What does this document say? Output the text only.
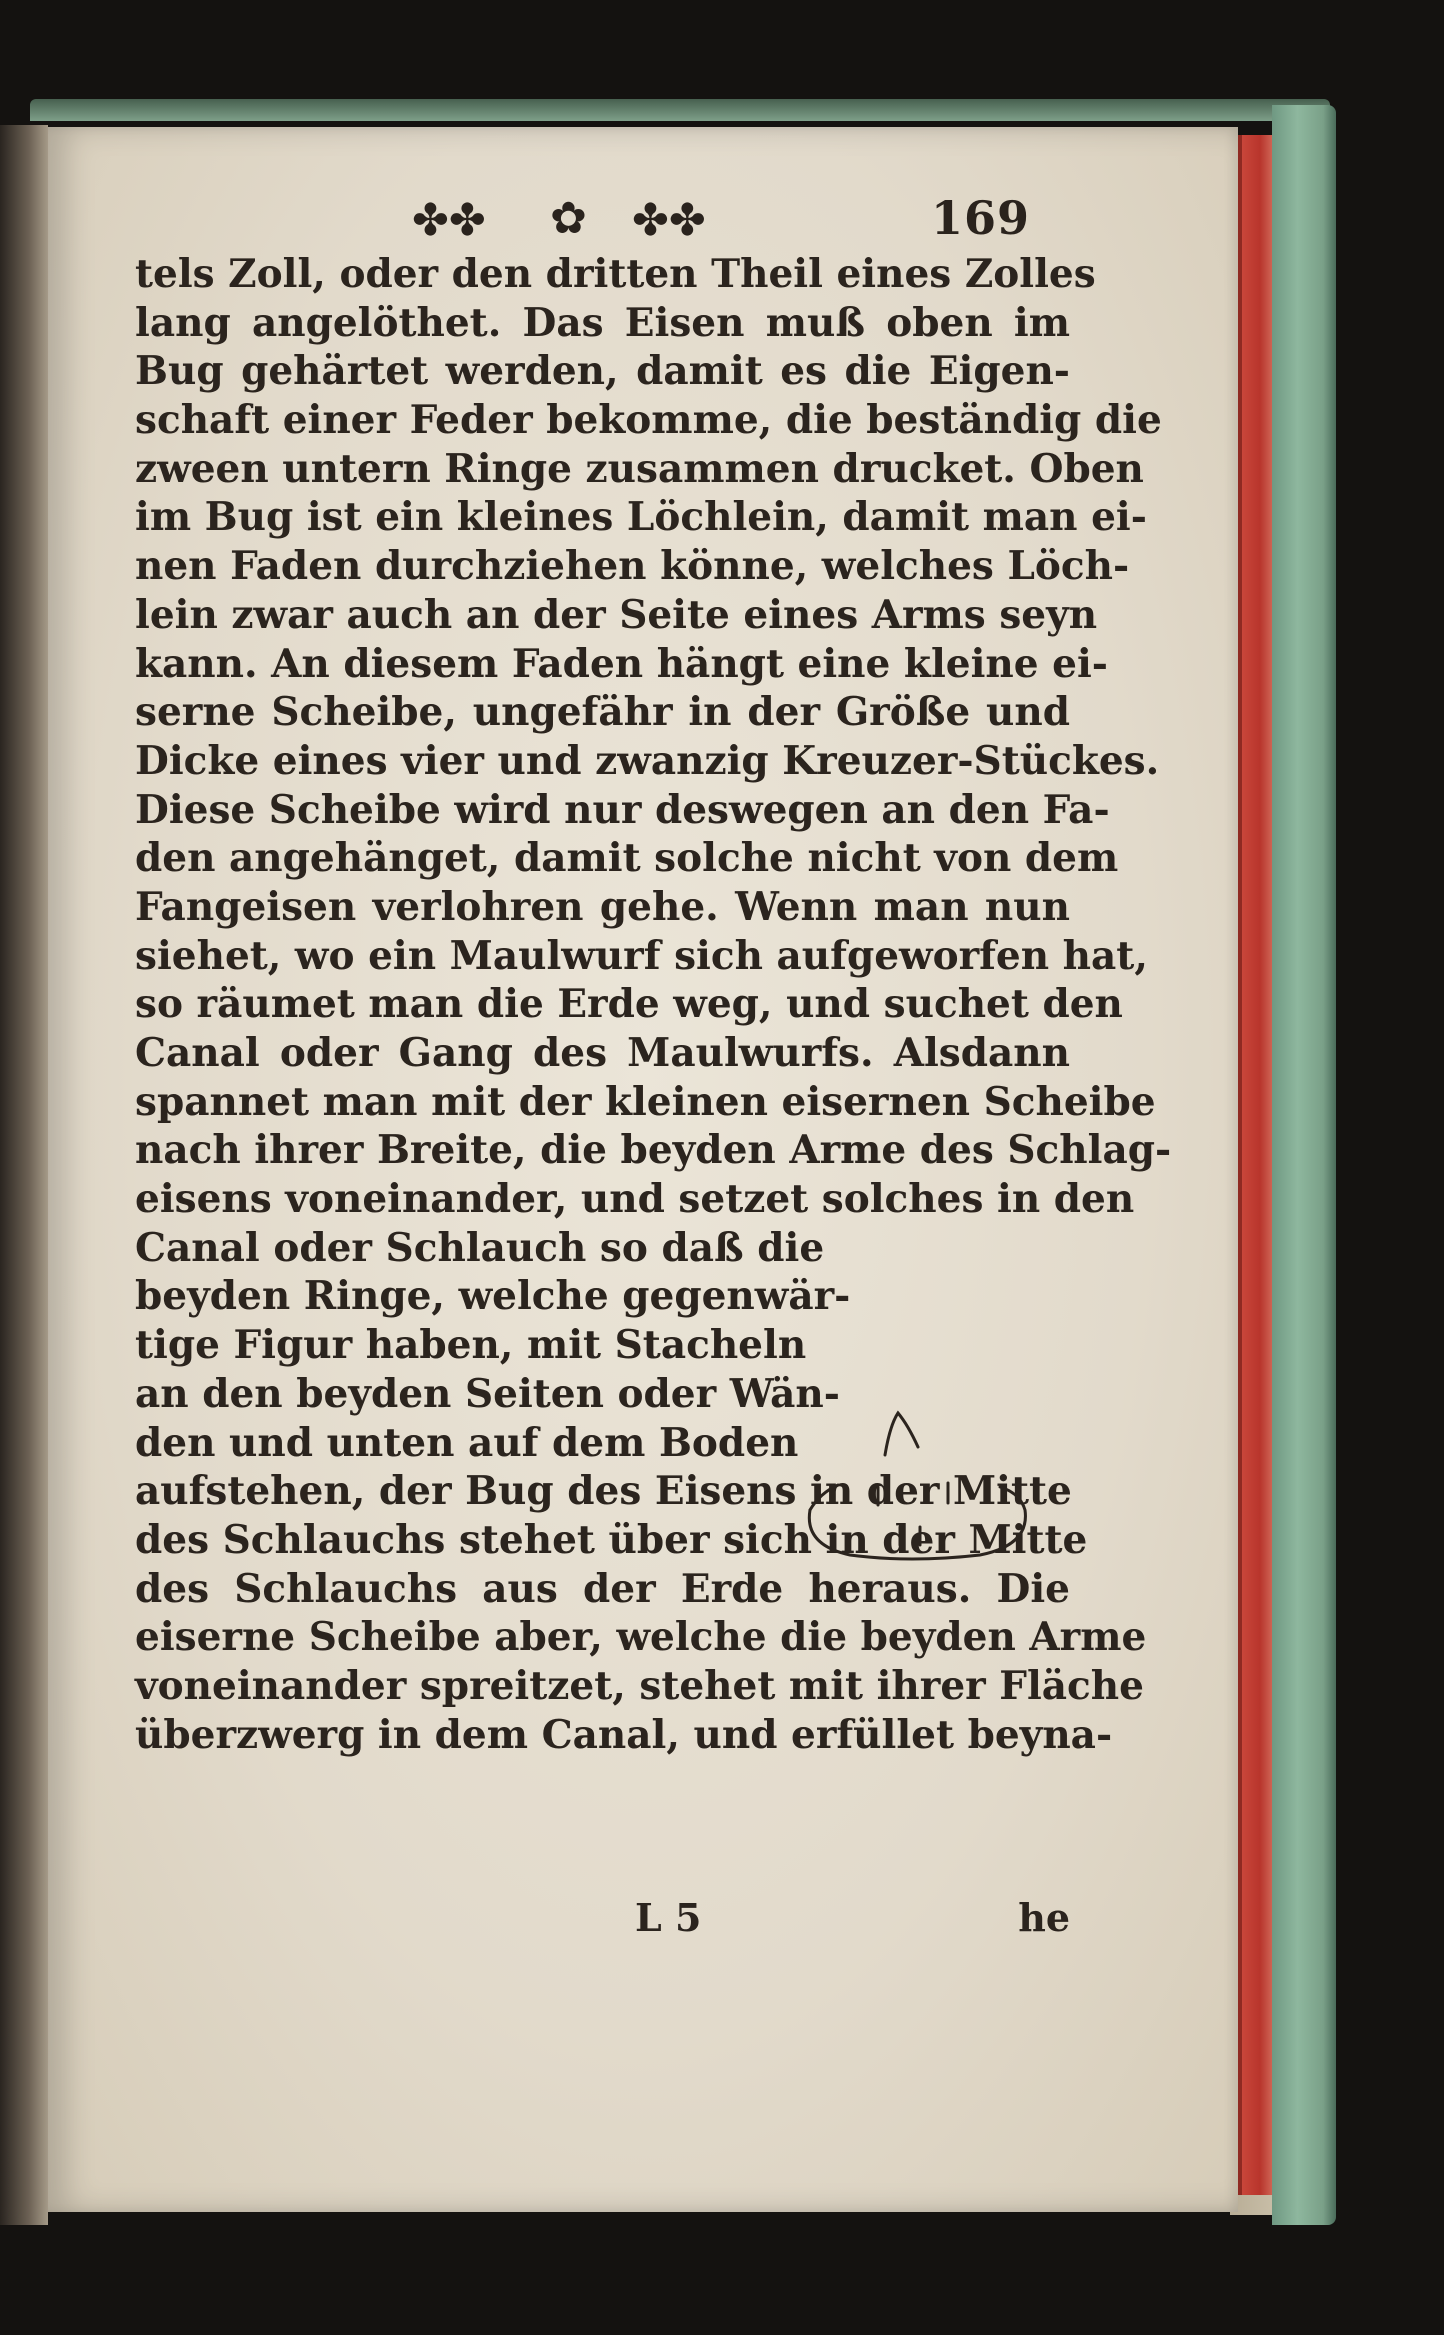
✤✤ ✿ ✤✤	169
tels Zoll, oder den dritten Theil eines Zolles
lang angelöthet. Das Eisen muß oben im
Bug gehärtet werden, damit es die Eigen-
schaft einer Feder bekomme, die beständig die
zween untern Ringe zusammen drucket. Oben
im Bug ist ein kleines Löchlein, damit man ei-
nen Faden durchziehen könne, welches Löch-
lein zwar auch an der Seite eines Arms seyn
kann. An diesem Faden hängt eine kleine ei-
serne Scheibe, ungefähr in der Größe und
Dicke eines vier und zwanzig Kreuzer-Stückes.
Diese Scheibe wird nur deswegen an den Fa-
den angehänget, damit solche nicht von dem
Fangeisen verlohren gehe. Wenn man nun
siehet, wo ein Maulwurf sich aufgeworfen hat,
so räumet man die Erde weg, und suchet den
Canal oder Gang des Maulwurfs. Alsdann
spannet man mit der kleinen eisernen Scheibe
nach ihrer Breite, die beyden Arme des Schlag-
eisens voneinander, und setzet solches in den
Canal oder Schlauch so daß die
beyden Ringe, welche gegenwär-
tige Figur haben, mit Stacheln
an den beyden Seiten oder Wän-
den und unten auf dem Boden
aufstehen, der Bug des Eisens in der Mitte
des Schlauchs stehet über sich in der Mitte
des Schlauchs aus der Erde heraus. Die
eiserne Scheibe aber, welche die beyden Arme
voneinander spreitzet, stehet mit ihrer Fläche
überzwerg in dem Canal, und erfüllet beyna-
L 5	he
